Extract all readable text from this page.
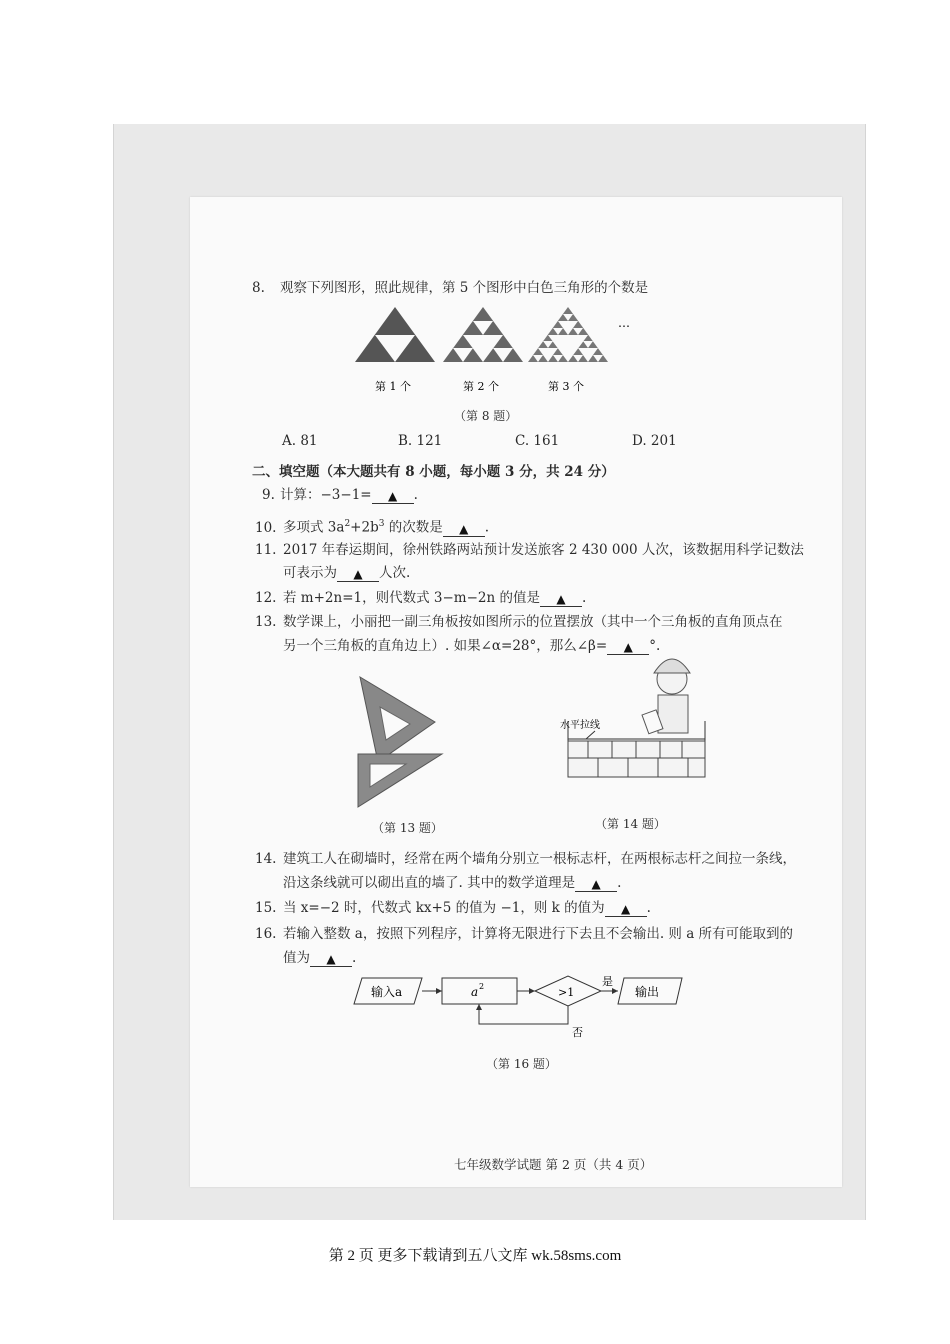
8. 观察下列图形，照此规律，第 5 个图形中白色三角形的个数是
…
第 1 个	第 2 个	第 3 个
（第 8 题）
A. 81	B. 121	C. 161	D. 201
二、填空题（本大题共有 8 小题，每小题 3 分，共 24 分）
9. 计算：−3−1= ▲ .
10. 多项式 $3a^2+2b^3$ 的次数是 ▲ .
11. 2017 年春运期间，徐州铁路两站预计发送旅客 2 430 000 人次，该数据用科学记数法
可表示为 ▲ 人次.
12. 若 m+2n=1，则代数式 3−m−2n 的值是 ▲ .
13. 数学课上，小丽把一副三角板按如图所示的位置摆放（其中一个三角板的直角顶点在
另一个三角板的直角边上）. 如果∠α=28°，那么∠β= ▲ °.
（第 13 题）
水平拉线
（第 14 题）
14. 建筑工人在砌墙时，经常在两个墙角分别立一根标志杆，在两根标志杆之间拉一条线，
沿这条线就可以砌出直的墙了. 其中的数学道理是 ▲ .
15. 当 x=−2 时，代数式 kx+5 的值为 −1，则 k 的值为 ▲ .
16. 若输入整数 a，按照下列程序，计算将无限进行下去且不会输出. 则 a 所有可能取到的
值为 ▲ .
输入a	a 2	>1
是
输出
否
（第 16 题）
七年级数学试题 第 2 页（共 4 页）
第 2 页 更多下载请到五八文库 wk.58sms.com
